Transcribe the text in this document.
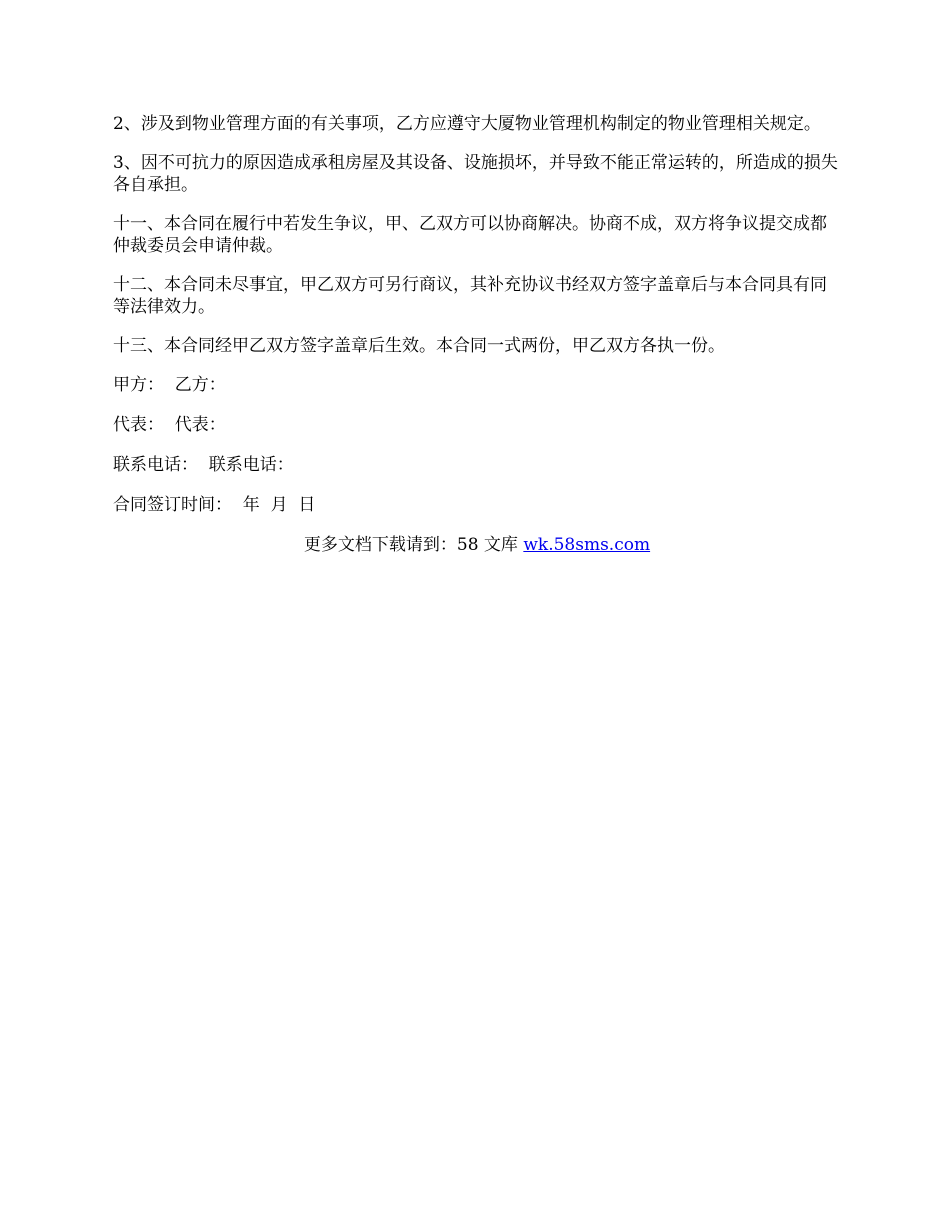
2、涉及到物业管理方面的有关事项，乙方应遵守大厦物业管理机构制定的物业管理相关规定。

3、因不可抗力的原因造成承租房屋及其设备、设施损坏，并导致不能正常运转的，所造成的损失各自承担。

十一、本合同在履行中若发生争议，甲、乙双方可以协商解决。协商不成，双方将争议提交成都仲裁委员会申请仲裁。

十二、本合同未尽事宜，甲乙双方可另行商议，其补充协议书经双方签字盖章后与本合同具有同等法律效力。

十三、本合同经甲乙双方签字盖章后生效。本合同一式两份，甲乙双方各执一份。

甲方：  乙方：
代表：  代表：
联系电话：  联系电话：
合同签订时间：  年  月  日
更多文档下载请到：58 文库 wk.58sms.com
